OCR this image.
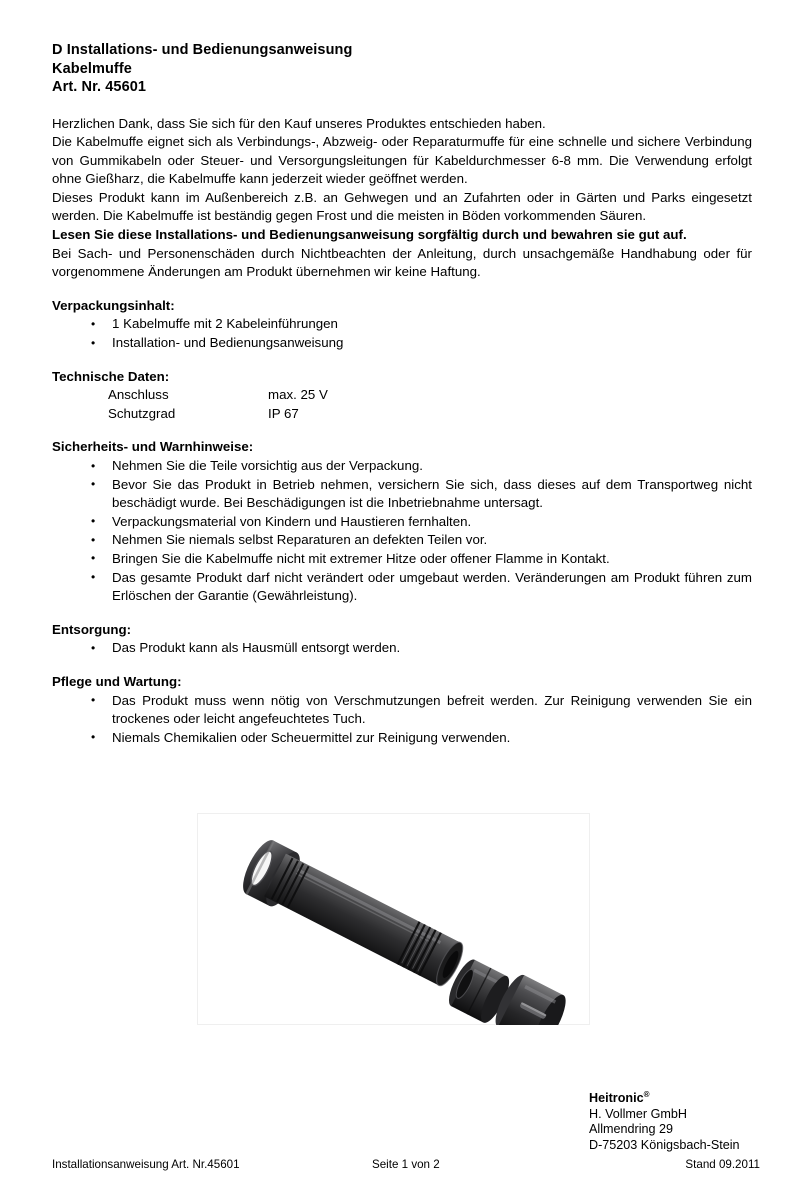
D Installations- und Bedienungsanweisung
Kabelmuffe
Art. Nr. 45601

Herzlichen Dank, dass Sie sich für den Kauf unseres Produktes entschieden haben.

Die Kabelmuffe eignet sich als Verbindungs-, Abzweig- oder Reparaturmuffe für eine schnelle und sichere Verbindung von Gummikabeln oder Steuer- und Versorgungsleitungen für Kabeldurchmesser 6-8 mm. Die Verwendung erfolgt ohne Gießharz, die Kabelmuffe kann jederzeit wieder geöffnet werden.

Dieses Produkt kann im Außenbereich z.B. an Gehwegen und an Zufahrten oder in Gärten und Parks eingesetzt werden. Die Kabelmuffe ist beständig gegen Frost und die meisten in Böden vorkommenden Säuren.

Lesen Sie diese Installations- und Bedienungsanweisung sorgfältig durch und bewahren sie gut auf.

Bei Sach- und Personenschäden durch Nichtbeachten der Anleitung, durch unsachgemäße Handhabung oder für vorgenommene Änderungen am Produkt übernehmen wir keine Haftung.

Verpackungsinhalt:
• 1 Kabelmuffe mit 2 Kabeleinführungen
• Installation- und Bedienungsanweisung
Technische Daten:
Anschluss	max. 25 V
Schutzgrad	IP 67
Sicherheits- und Warnhinweise:
• Nehmen Sie die Teile vorsichtig aus der Verpackung.
• Bevor Sie das Produkt in Betrieb nehmen, versichern Sie sich, dass dieses auf dem Transportweg nicht beschädigt wurde. Bei Beschädigungen ist die Inbetriebnahme untersagt.
• Verpackungsmaterial von Kindern und Haustieren fernhalten.
• Nehmen Sie niemals selbst Reparaturen an defekten Teilen vor.
• Bringen Sie die Kabelmuffe nicht mit extremer Hitze oder offener Flamme in Kontakt.
• Das gesamte Produkt darf nicht verändert oder umgebaut werden. Veränderungen am Produkt führen zum Erlöschen der Garantie (Gewährleistung).
Entsorgung:
• Das Produkt kann als Hausmüll entsorgt werden.
Pflege und Wartung:
• Das Produkt muss wenn nötig von Verschmutzungen befreit werden. Zur Reinigung verwenden Sie ein trockenes oder leicht angefeuchtetes Tuch.
• Niemals Chemikalien oder Scheuermittel zur Reinigung verwenden.
Heitronic®
H. Vollmer GmbH
Allmendring 29
D-75203 Königsbach-Stein
Installationsanweisung Art. Nr.45601	Seite 1 von 2	Stand 09.2011
